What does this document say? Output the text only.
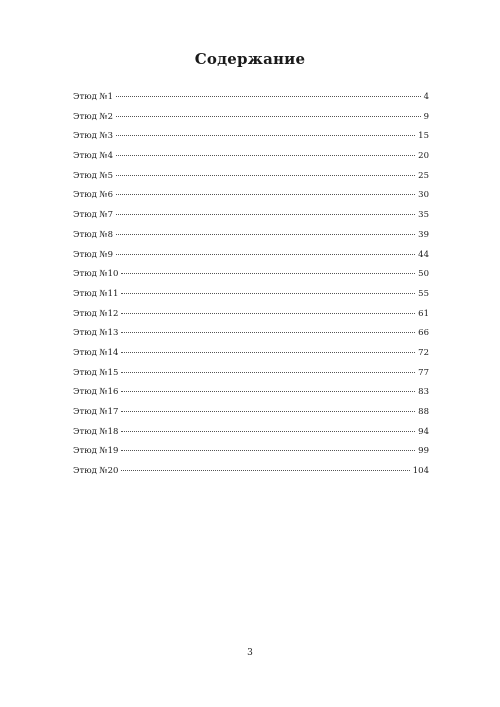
Содержание
Этюд №1	4
Этюд №2	9
Этюд №3	15
Этюд №4	20
Этюд №5	25
Этюд №6	30
Этюд №7	35
Этюд №8	39
Этюд №9	44
Этюд №10	50
Этюд №11	55
Этюд №12	61
Этюд №13	66
Этюд №14	72
Этюд №15	77
Этюд №16	83
Этюд №17	88
Этюд №18	94
Этюд №19	99
Этюд №20	104
3
